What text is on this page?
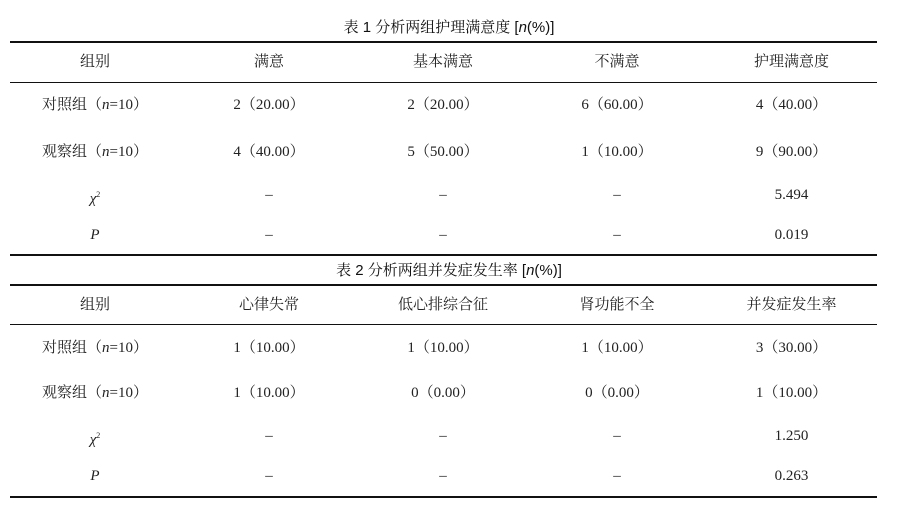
表 1 分析两组护理满意度 [n(%)]
组别	满意	基本满意	不满意	护理满意度
对照组（n=10）	2（20.00）	2（20.00）	6（60.00）	4（40.00）
观察组（n=10）	4（40.00）	5（50.00）	1（10.00）	9（90.00）
$\chi^2$	–	–	–	5.494
P	–	–	–	0.019
表 2 分析两组并发症发生率 [n(%)]
组别	心律失常	低心排综合征	肾功能不全	并发症发生率
对照组（n=10）	1（10.00）	1（10.00）	1（10.00）	3（30.00）
观察组（n=10）	1（10.00）	0（0.00）	0（0.00）	1（10.00）
$\chi^2$	–	–	–	1.250
P	–	–	–	0.263
